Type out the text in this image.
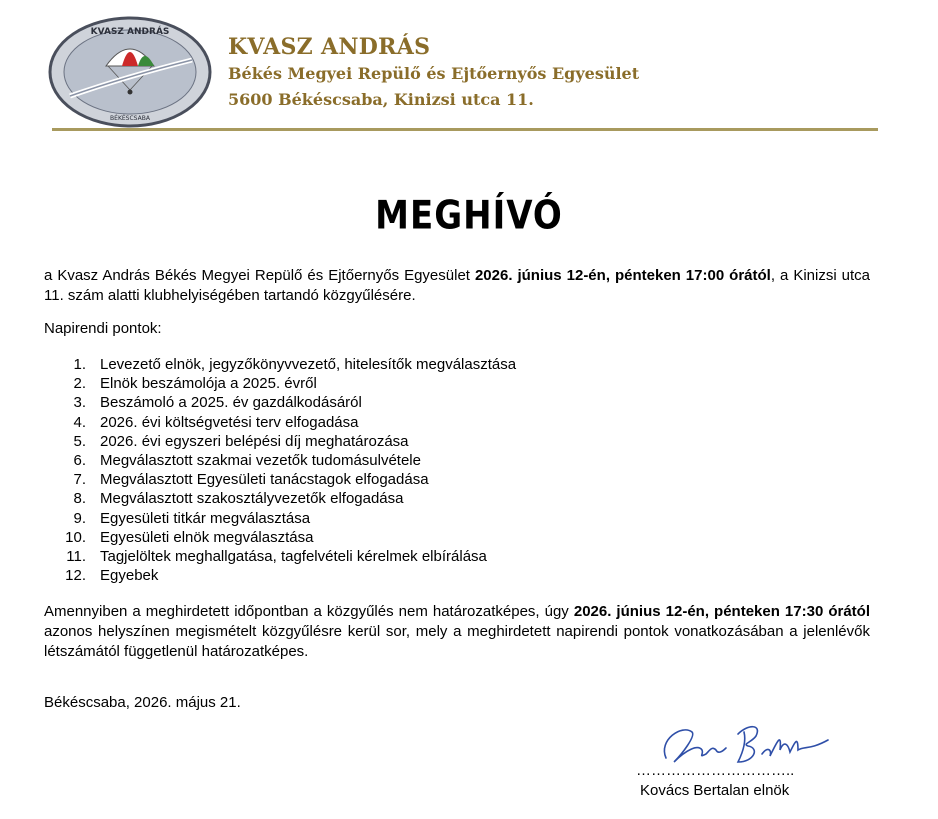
KVASZ ANDRÁS
BÉKÉSCSABA
KVASZ ANDRÁS
Békés Megyei Repülő és Ejtőernyős Egyesület
5600 Békéscsaba, Kinizsi utca 11.
MEGHÍVÓ
a Kvasz András Békés Megyei Repülő és Ejtőernyős Egyesület 2026. június 12-én, pénteken 17:00 órától, a Kinizsi utca 11. szám alatti klubhelyiségében tartandó közgyűlésére.
Napirendi pontok:
1. Levezető elnök, jegyzőkönyvvezető, hitelesítők megválasztása
2. Elnök beszámolója a 2025. évről
3. Beszámoló a 2025. év gazdálkodásáról
4. 2026. évi költségvetési terv elfogadása
5. 2026. évi egyszeri belépési díj meghatározása
6. Megválasztott szakmai vezetők tudomásulvétele
7. Megválasztott Egyesületi tanácstagok elfogadása
8. Megválasztott szakosztályvezetők elfogadása
9. Egyesületi titkár megválasztása
10. Egyesületi elnök megválasztása
11. Tagjelöltek meghallgatása, tagfelvételi kérelmek elbírálása
12. Egyebek
Amennyiben a meghirdetett időpontban a közgyűlés nem határozatképes, úgy 2026. június 12-én, pénteken 17:30 órától azonos helyszínen megismételt közgyűlésre kerül sor, mely a meghirdetett napirendi pontok vonatkozásában a jelenlévők létszámától függetlenül határozatképes.
Békéscsaba, 2026. május 21.
…………………………..
Kovács Bertalan elnök
